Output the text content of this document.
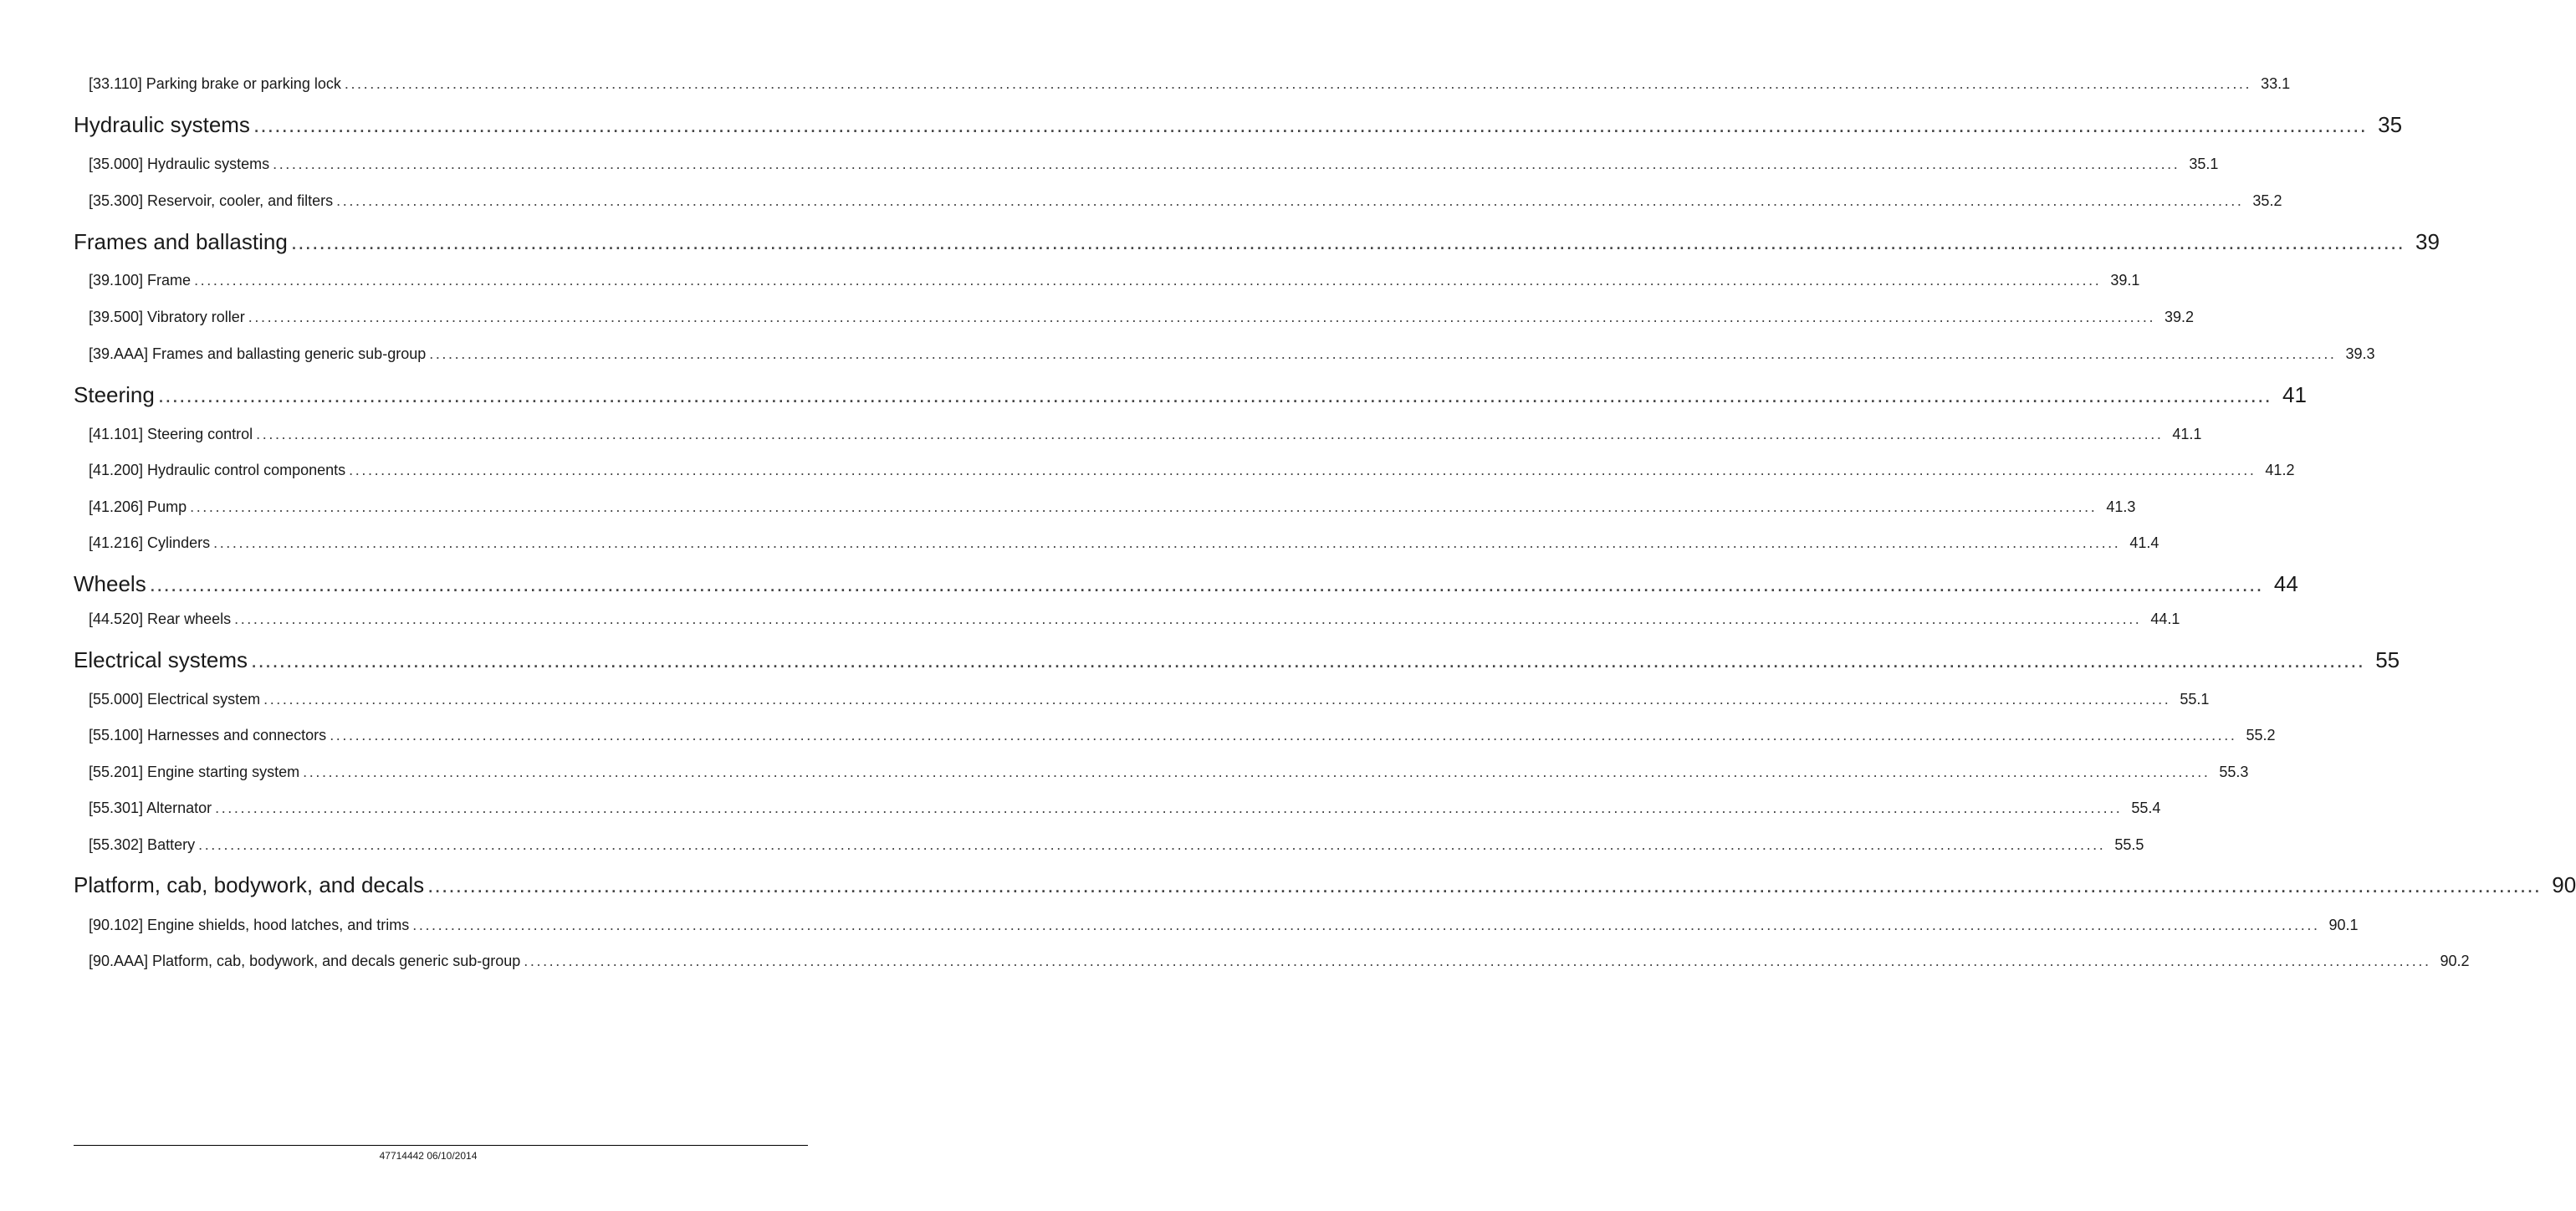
[33.110] Parking brake or parking lock ............................................................................................................................................................................................................................................................................................................ 33.1
Hydraulic systems ............................................................................................................................................................................................................................................................................................................ 35
[35.000] Hydraulic systems ............................................................................................................................................................................................................................................................................................................ 35.1
[35.300] Reservoir, cooler, and filters ............................................................................................................................................................................................................................................................................................................ 35.2
Frames and ballasting ............................................................................................................................................................................................................................................................................................................ 39
[39.100] Frame ............................................................................................................................................................................................................................................................................................................ 39.1
[39.500] Vibratory roller ............................................................................................................................................................................................................................................................................................................ 39.2
[39.AAA] Frames and ballasting generic sub-group ............................................................................................................................................................................................................................................................................................................ 39.3
Steering ............................................................................................................................................................................................................................................................................................................ 41
[41.101] Steering control ............................................................................................................................................................................................................................................................................................................ 41.1
[41.200] Hydraulic control components ............................................................................................................................................................................................................................................................................................................ 41.2
[41.206] Pump ............................................................................................................................................................................................................................................................................................................ 41.3
[41.216] Cylinders ............................................................................................................................................................................................................................................................................................................ 41.4
Wheels ............................................................................................................................................................................................................................................................................................................ 44
[44.520] Rear wheels ............................................................................................................................................................................................................................................................................................................ 44.1
Electrical systems ............................................................................................................................................................................................................................................................................................................ 55
[55.000] Electrical system ............................................................................................................................................................................................................................................................................................................ 55.1
[55.100] Harnesses and connectors ............................................................................................................................................................................................................................................................................................................ 55.2
[55.201] Engine starting system ............................................................................................................................................................................................................................................................................................................ 55.3
[55.301] Alternator ............................................................................................................................................................................................................................................................................................................ 55.4
[55.302] Battery ............................................................................................................................................................................................................................................................................................................ 55.5
Platform, cab, bodywork, and decals ............................................................................................................................................................................................................................................................................................................ 90
[90.102] Engine shields, hood latches, and trims ............................................................................................................................................................................................................................................................................................................ 90.1
[90.AAA] Platform, cab, bodywork, and decals generic sub-group ............................................................................................................................................................................................................................................................................................................ 90.2
47714442 06/10/2014
